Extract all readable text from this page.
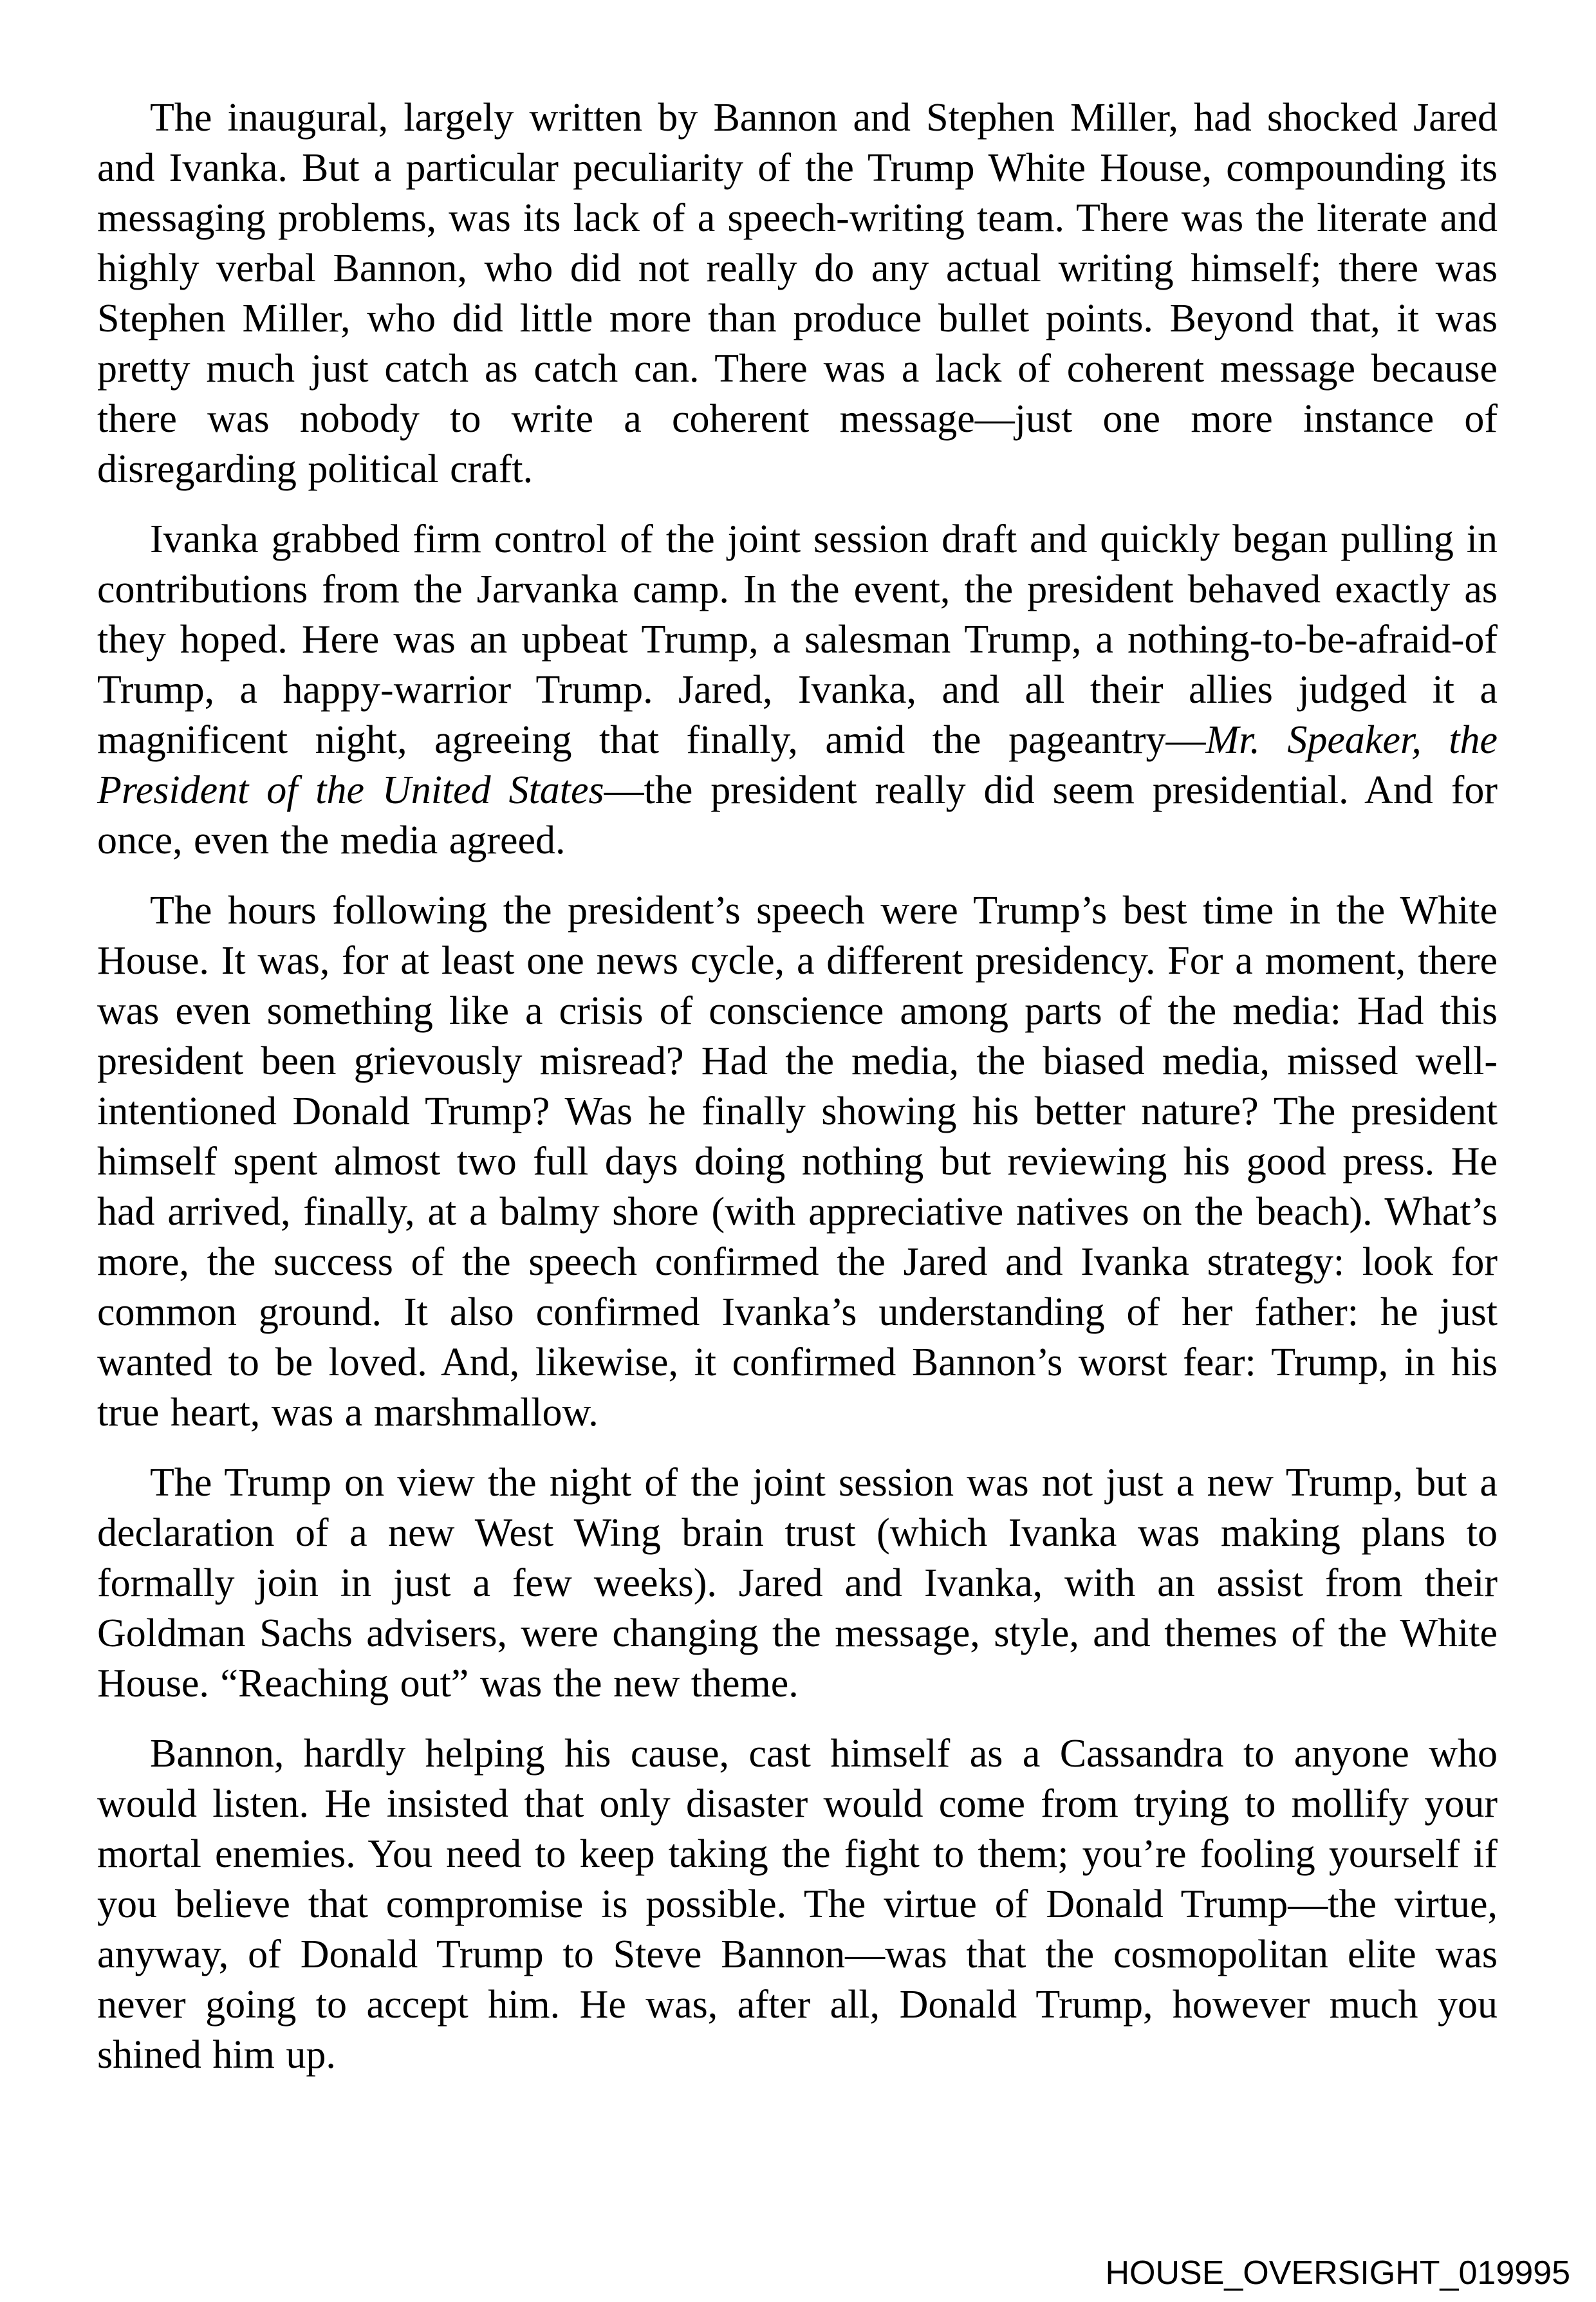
The inaugural, largely written by Bannon and Stephen Miller, had shocked Jared and Ivanka. But a particular peculiarity of the Trump White House, compounding its messaging problems, was its lack of a speech-writing team. There was the literate and highly verbal Bannon, who did not really do any actual writing himself; there was Stephen Miller, who did little more than produce bullet points. Beyond that, it was pretty much just catch as catch can. There was a lack of coherent message because there was nobody to write a coherent message—just one more instance of disregarding political craft.

Ivanka grabbed firm control of the joint session draft and quickly began pulling in contributions from the Jarvanka camp. In the event, the president behaved exactly as they hoped. Here was an upbeat Trump, a salesman Trump, a nothing-to-be-afraid-of Trump, a happy-warrior Trump. Jared, Ivanka, and all their allies judged it a magnificent night, agreeing that finally, amid the pageantry—Mr. Speaker, the President of the United States—the president really did seem presidential. And for once, even the media agreed.

The hours following the president’s speech were Trump’s best time in the White House. It was, for at least one news cycle, a different presidency. For a moment, there was even something like a crisis of conscience among parts of the media: Had this president been grievously misread? Had the media, the biased media, missed well-intentioned Donald Trump? Was he finally showing his better nature? The president himself spent almost two full days doing nothing but reviewing his good press. He had arrived, finally, at a balmy shore (with appreciative natives on the beach). What’s more, the success of the speech confirmed the Jared and Ivanka strategy: look for common ground. It also confirmed Ivanka’s understanding of her father: he just wanted to be loved. And, likewise, it confirmed Bannon’s worst fear: Trump, in his true heart, was a marshmallow.

The Trump on view the night of the joint session was not just a new Trump, but a declaration of a new West Wing brain trust (which Ivanka was making plans to formally join in just a few weeks). Jared and Ivanka, with an assist from their Goldman Sachs advisers, were changing the message, style, and themes of the White House. “Reaching out” was the new theme.

Bannon, hardly helping his cause, cast himself as a Cassandra to anyone who would listen. He insisted that only disaster would come from trying to mollify your mortal enemies. You need to keep taking the fight to them; you’re fooling yourself if you believe that compromise is possible. The virtue of Donald Trump—the virtue, anyway, of Donald Trump to Steve Bannon—was that the cosmopolitan elite was never going to accept him. He was, after all, Donald Trump, however much you shined him up.

HOUSE_OVERSIGHT_019995
